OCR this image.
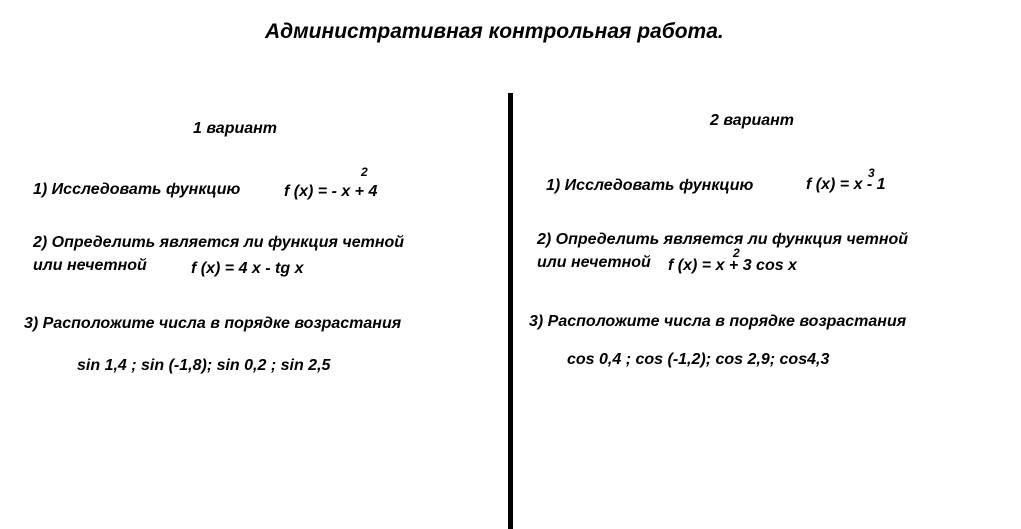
Административная контрольная работа.
1 вариант
1) Исследовать функцию	f (x) = - x + 4
2
2) Определить является ли функция четной
или нечетной	f (x) = 4 x - tg x
3) Расположите числа в порядке возрастания
sin 1,4 ; sin (-1,8); sin 0,2 ; sin 2,5
2 вариант
1) Исследовать функцию	f (x) = x - 1
3
2) Определить является ли функция четной
или нечетной f (x) = x + 3 cos x
2
3) Расположите числа в порядке возрастания
cos 0,4 ; cos (-1,2); cos 2,9; cos4,3
